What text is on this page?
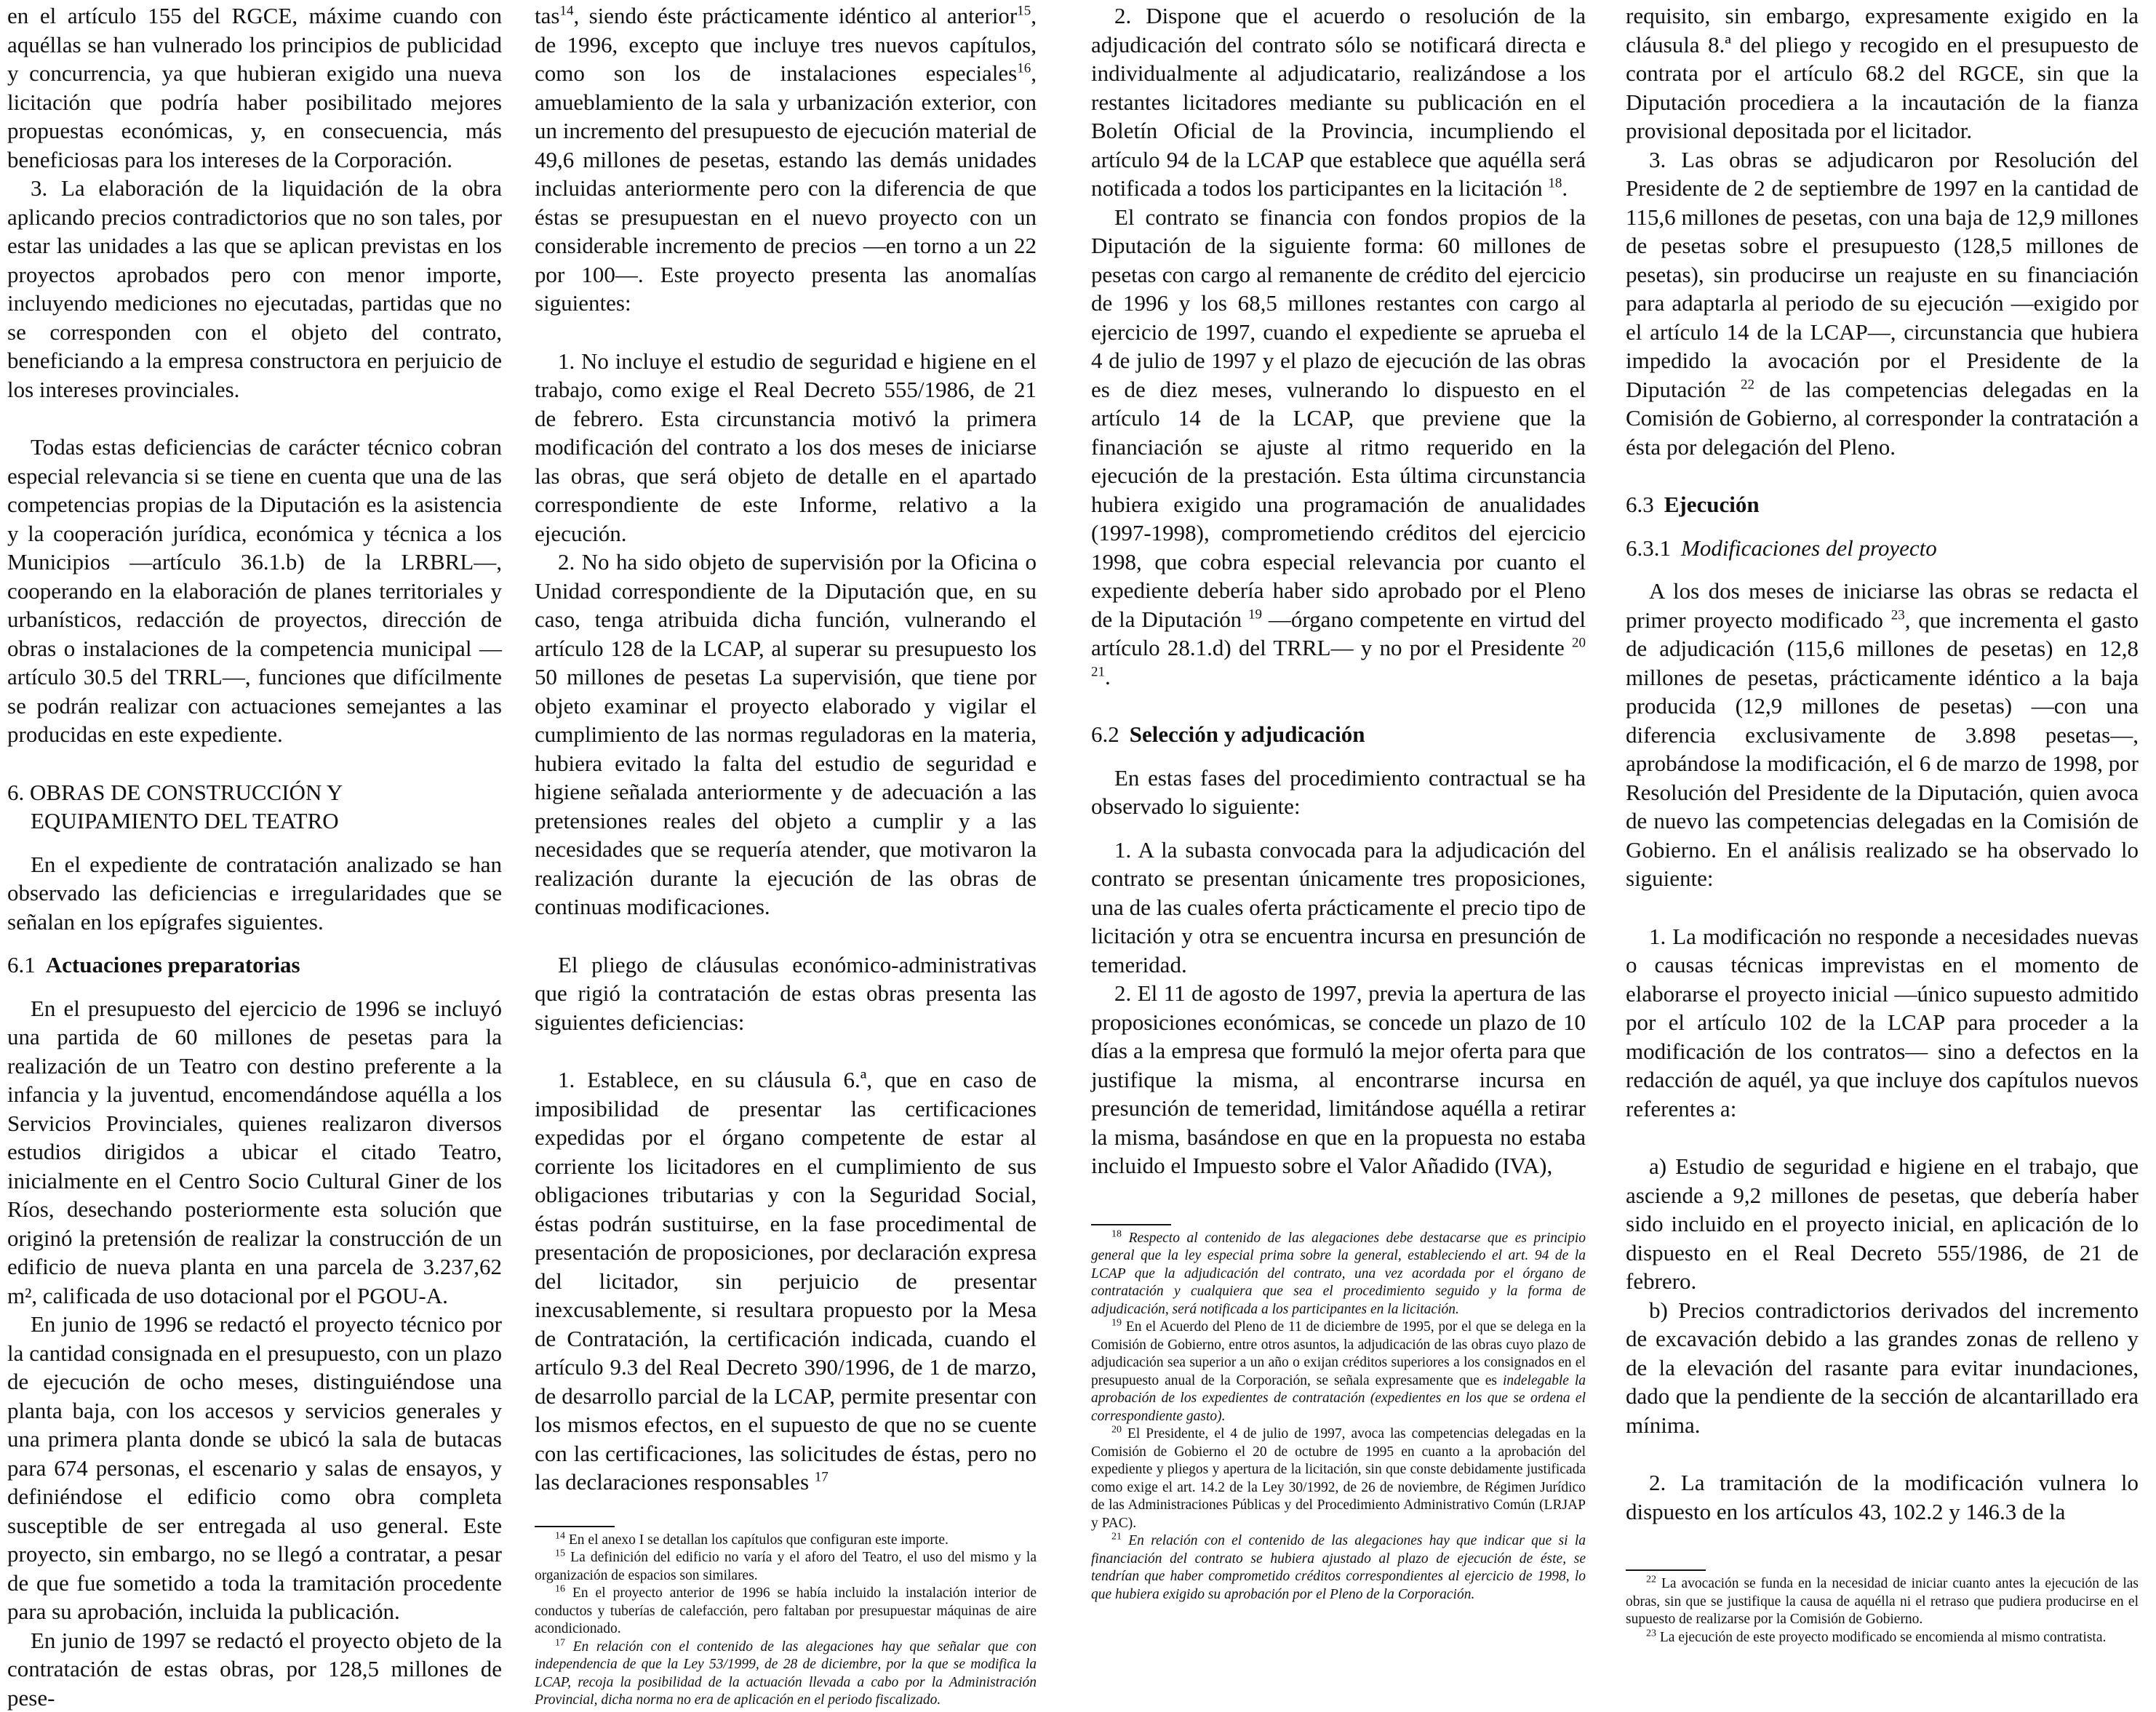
en el artículo 155 del RGCE, máxime cuando con aquéllas se han vulnerado los principios de publicidad y concurrencia, ya que hubieran exigido una nueva licitación que podría haber posibilitado mejores propuestas económicas, y, en consecuencia, más beneficiosas para los intereses de la Corporación.

3. La elaboración de la liquidación de la obra aplicando precios contradictorios que no son tales, por estar las unidades a las que se aplican previstas en los proyectos aprobados pero con menor importe, incluyendo mediciones no ejecutadas, partidas que no se corresponden con el objeto del contrato, beneficiando a la empresa constructora en perjuicio de los intereses provinciales.

Todas estas deficiencias de carácter técnico cobran especial relevancia si se tiene en cuenta que una de las competencias propias de la Diputación es la asistencia y la cooperación jurídica, económica y técnica a los Municipios —artículo 36.1.b) de la LRBRL—, cooperando en la elaboración de planes territoriales y urbanísticos, redacción de proyectos, dirección de obras o instalaciones de la competencia municipal —artículo 30.5 del TRRL—, funciones que difícilmente se podrán realizar con actuaciones semejantes a las producidas en este expediente.

6. OBRAS DE CONSTRUCCIÓN Y EQUIPAMIENTO DEL TEATRO

En el expediente de contratación analizado se han observado las deficiencias e irregularidades que se señalan en los epígrafes siguientes.

6.1 Actuaciones preparatorias

En el presupuesto del ejercicio de 1996 se incluyó una partida de 60 millones de pesetas para la realización de un Teatro con destino preferente a la infancia y la juventud, encomendándose aquélla a los Servicios Provinciales, quienes realizaron diversos estudios dirigidos a ubicar el citado Teatro, inicialmente en el Centro Socio Cultural Giner de los Ríos, desechando posteriormente esta solución que originó la pretensión de realizar la construcción de un edificio de nueva planta en una parcela de 3.237,62 m², calificada de uso dotacional por el PGOU-A.

En junio de 1996 se redactó el proyecto técnico por la cantidad consignada en el presupuesto, con un plazo de ejecución de ocho meses, distinguiéndose una planta baja, con los accesos y servicios generales y una primera planta donde se ubicó la sala de butacas para 674 personas, el escenario y salas de ensayos, y definiéndose el edificio como obra completa susceptible de ser entregada al uso general. Este proyecto, sin embargo, no se llegó a contratar, a pesar de que fue sometido a toda la tramitación procedente para su aprobación, incluida la publicación.

En junio de 1997 se redactó el proyecto objeto de la contratación de estas obras, por 128,5 millones de pese-

tas$^{14}$, siendo éste prácticamente idéntico al anterior$^{15}$, de 1996, excepto que incluye tres nuevos capítulos, como son los de instalaciones especiales$^{16}$, amueblamiento de la sala y urbanización exterior, con un incremento del presupuesto de ejecución material de 49,6 millones de pesetas, estando las demás unidades incluidas anteriormente pero con la diferencia de que éstas se presupuestan en el nuevo proyecto con un considerable incremento de precios —en torno a un 22 por 100—. Este proyecto presenta las anomalías siguientes:

1. No incluye el estudio de seguridad e higiene en el trabajo, como exige el Real Decreto 555/1986, de 21 de febrero. Esta circunstancia motivó la primera modificación del contrato a los dos meses de iniciarse las obras, que será objeto de detalle en el apartado correspondiente de este Informe, relativo a la ejecución.

2. No ha sido objeto de supervisión por la Oficina o Unidad correspondiente de la Diputación que, en su caso, tenga atribuida dicha función, vulnerando el artículo 128 de la LCAP, al superar su presupuesto los 50 millones de pesetas La supervisión, que tiene por objeto examinar el proyecto elaborado y vigilar el cumplimiento de las normas reguladoras en la materia, hubiera evitado la falta del estudio de seguridad e higiene señalada anteriormente y de adecuación a las pretensiones reales del objeto a cumplir y a las necesidades que se requería atender, que motivaron la realización durante la ejecución de las obras de continuas modificaciones.

El pliego de cláusulas económico-administrativas que rigió la contratación de estas obras presenta las siguientes deficiencias:

1. Establece, en su cláusula 6.ª, que en caso de imposibilidad de presentar las certificaciones expedidas por el órgano competente de estar al corriente los licitadores en el cumplimiento de sus obligaciones tributarias y con la Seguridad Social, éstas podrán sustituirse, en la fase procedimental de presentación de proposiciones, por declaración expresa del licitador, sin perjuicio de presentar inexcusablemente, si resultara propuesto por la Mesa de Contratación, la certificación indicada, cuando el artículo 9.3 del Real Decreto 390/1996, de 1 de marzo, de desarrollo parcial de la LCAP, permite presentar con los mismos efectos, en el supuesto de que no se cuente con las certificaciones, las solicitudes de éstas, pero no las declaraciones responsables $^{17}$

$^{14}$ En el anexo I se detallan los capítulos que configuran este importe.

$^{15}$ La definición del edificio no varía y el aforo del Teatro, el uso del mismo y la organización de espacios son similares.

$^{16}$ En el proyecto anterior de 1996 se había incluido la instalación interior de conductos y tuberías de calefacción, pero faltaban por presupuestar máquinas de aire acondicionado.

$^{17}$ En relación con el contenido de las alegaciones hay que señalar que con independencia de que la Ley 53/1999, de 28 de diciembre, por la que se modifica la LCAP, recoja la posibilidad de la actuación llevada a cabo por la Administración Provincial, dicha norma no era de aplicación en el periodo fiscalizado.

2. Dispone que el acuerdo o resolución de la adjudicación del contrato sólo se notificará directa e individualmente al adjudicatario, realizándose a los restantes licitadores mediante su publicación en el Boletín Oficial de la Provincia, incumpliendo el artículo 94 de la LCAP que establece que aquélla será notificada a todos los participantes en la licitación $^{18}$.

El contrato se financia con fondos propios de la Diputación de la siguiente forma: 60 millones de pesetas con cargo al remanente de crédito del ejercicio de 1996 y los 68,5 millones restantes con cargo al ejercicio de 1997, cuando el expediente se aprueba el 4 de julio de 1997 y el plazo de ejecución de las obras es de diez meses, vulnerando lo dispuesto en el artículo 14 de la LCAP, que previene que la financiación se ajuste al ritmo requerido en la ejecución de la prestación. Esta última circunstancia hubiera exigido una programación de anualidades (1997-1998), comprometiendo créditos del ejercicio 1998, que cobra especial relevancia por cuanto el expediente debería haber sido aprobado por el Pleno de la Diputación $^{19}$ —órgano competente en virtud del artículo 28.1.d) del TRRL— y no por el Presidente $^{20 21}$.

6.2 Selección y adjudicación

En estas fases del procedimiento contractual se ha observado lo siguiente:

1. A la subasta convocada para la adjudicación del contrato se presentan únicamente tres proposiciones, una de las cuales oferta prácticamente el precio tipo de licitación y otra se encuentra incursa en presunción de temeridad.

2. El 11 de agosto de 1997, previa la apertura de las proposiciones económicas, se concede un plazo de 10 días a la empresa que formuló la mejor oferta para que justifique la misma, al encontrarse incursa en presunción de temeridad, limitándose aquélla a retirar la misma, basándose en que en la propuesta no estaba incluido el Impuesto sobre el Valor Añadido (IVA),

$^{18}$ Respecto al contenido de las alegaciones debe destacarse que es principio general que la ley especial prima sobre la general, estableciendo el art. 94 de la LCAP que la adjudicación del contrato, una vez acordada por el órgano de contratación y cualquiera que sea el procedimiento seguido y la forma de adjudicación, será notificada a los participantes en la licitación.

$^{19}$ En el Acuerdo del Pleno de 11 de diciembre de 1995, por el que se delega en la Comisión de Gobierno, entre otros asuntos, la adjudicación de las obras cuyo plazo de adjudicación sea superior a un año o exijan créditos superiores a los consignados en el presupuesto anual de la Corporación, se señala expresamente que es indelegable la aprobación de los expedientes de contratación (expedientes en los que se ordena el correspondiente gasto).

$^{20}$ El Presidente, el 4 de julio de 1997, avoca las competencias delegadas en la Comisión de Gobierno el 20 de octubre de 1995 en cuanto a la aprobación del expediente y pliegos y apertura de la licitación, sin que conste debidamente justificada como exige el art. 14.2 de la Ley 30/1992, de 26 de noviembre, de Régimen Jurídico de las Administraciones Públicas y del Procedimiento Administrativo Común (LRJAP y PAC).

$^{21}$ En relación con el contenido de las alegaciones hay que indicar que si la financiación del contrato se hubiera ajustado al plazo de ejecución de éste, se tendrían que haber comprometido créditos correspondientes al ejercicio de 1998, lo que hubiera exigido su aprobación por el Pleno de la Corporación.

requisito, sin embargo, expresamente exigido en la cláusula 8.ª del pliego y recogido en el presupuesto de contrata por el artículo 68.2 del RGCE, sin que la Diputación procediera a la incautación de la fianza provisional depositada por el licitador.

3. Las obras se adjudicaron por Resolución del Presidente de 2 de septiembre de 1997 en la cantidad de 115,6 millones de pesetas, con una baja de 12,9 millones de pesetas sobre el presupuesto (128,5 millones de pesetas), sin producirse un reajuste en su financiación para adaptarla al periodo de su ejecución —exigido por el artículo 14 de la LCAP—, circunstancia que hubiera impedido la avocación por el Presidente de la Diputación $^{22}$ de las competencias delegadas en la Comisión de Gobierno, al corresponder la contratación a ésta por delegación del Pleno.

6.3 Ejecución
6.3.1 Modificaciones del proyecto

A los dos meses de iniciarse las obras se redacta el primer proyecto modificado $^{23}$, que incrementa el gasto de adjudicación (115,6 millones de pesetas) en 12,8 millones de pesetas, prácticamente idéntico a la baja producida (12,9 millones de pesetas) —con una diferencia exclusivamente de 3.898 pesetas—, aprobándose la modificación, el 6 de marzo de 1998, por Resolución del Presidente de la Diputación, quien avoca de nuevo las competencias delegadas en la Comisión de Gobierno. En el análisis realizado se ha observado lo siguiente:

1. La modificación no responde a necesidades nuevas o causas técnicas imprevistas en el momento de elaborarse el proyecto inicial —único supuesto admitido por el artículo 102 de la LCAP para proceder a la modificación de los contratos— sino a defectos en la redacción de aquél, ya que incluye dos capítulos nuevos referentes a:

a) Estudio de seguridad e higiene en el trabajo, que asciende a 9,2 millones de pesetas, que debería haber sido incluido en el proyecto inicial, en aplicación de lo dispuesto en el Real Decreto 555/1986, de 21 de febrero.

b) Precios contradictorios derivados del incremento de excavación debido a las grandes zonas de relleno y de la elevación del rasante para evitar inundaciones, dado que la pendiente de la sección de alcantarillado era mínima.

2. La tramitación de la modificación vulnera lo dispuesto en los artículos 43, 102.2 y 146.3 de la

$^{22}$ La avocación se funda en la necesidad de iniciar cuanto antes la ejecución de las obras, sin que se justifique la causa de aquélla ni el retraso que pudiera producirse en el supuesto de realizarse por la Comisión de Gobierno.

$^{23}$ La ejecución de este proyecto modificado se encomienda al mismo contratista.
